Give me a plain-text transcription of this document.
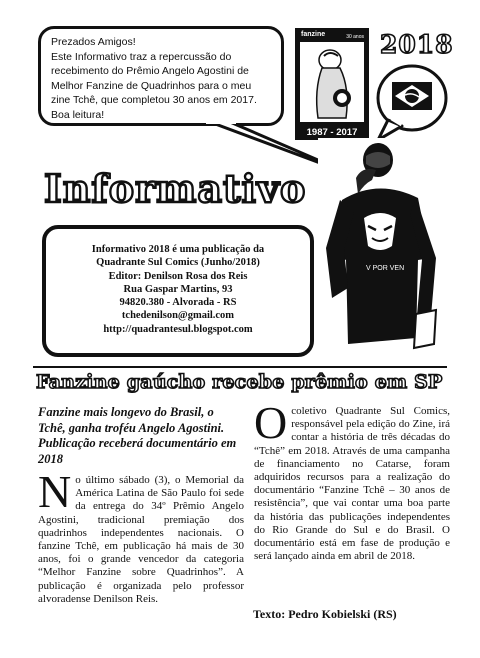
Prezados Amigos!
Este Informativo traz a repercussão do recebimento do Prêmio Angelo Agostini de Melhor Fanzine de Quadrinhos para o meu zine Tchê, que completou 30 anos em 2017. Boa leitura!

fanzine	30 anos
1987 - 2017
2018
V POR VEN
Informativo
Informativo 2018 é uma publicação da
Quadrante Sul Comics (Junho/2018)
Editor: Denilson Rosa dos Reis
Rua Gaspar Martins, 93
94820.380 - Alvorada - RS
tchedenilson@gmail.com
http://quadrantesul.blogspot.com
Fanzine gaúcho recebe prêmio em SP
Fanzine mais longevo do Brasil, o Tchê, ganha troféu Angelo Agostini. Publicação receberá documentário em 2018
No último sábado (3), o Memorial da América Latina de São Paulo foi sede da entrega do 34º Prêmio Angelo Agostini, tradicional premiação dos quadrinhos independentes nacionais. O fanzine Tchê, em publicação há mais de 30 anos, foi o grande vencedor da categoria “Melhor Fanzine sobre Quadrinhos”. A publicação é organizada pelo professor alvoradense Denilson Reis.
Ocoletivo Quadrante Sul Comics, responsável pela edição do Zine, irá contar a história de três décadas do “Tchê” em 2018. Através de uma campanha de financiamento no Catarse, foram adquiridos recursos para a realização do documentário “Fanzine Tchê – 30 anos de resistência”, que vai contar uma boa parte da história das publicações independentes do Rio Grande do Sul e do Brasil. O documentário está em fase de produção e será lançado ainda em abril de 2018.
Texto: Pedro Kobielski (RS)
